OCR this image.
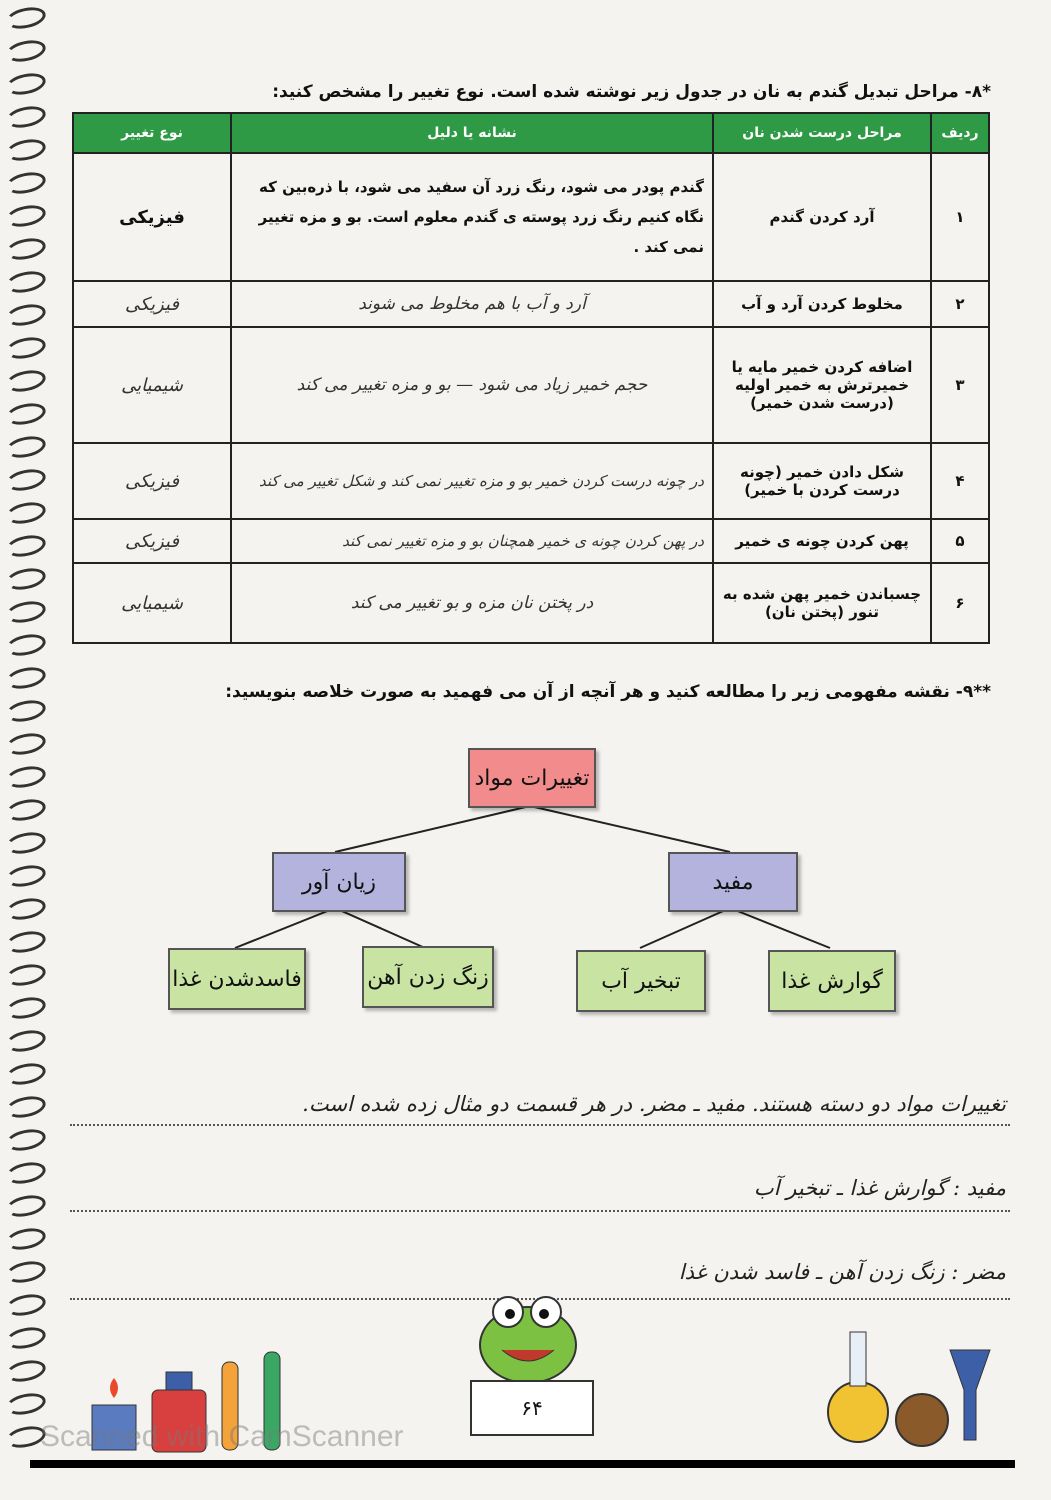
*۸- مراحل تبدیل گندم به نان در جدول زیر نوشته شده است. نوع تغییر را مشخص کنید:
ردیف	مراحل درست شدن نان	نشانه یا دلیل	نوع تغییر
۱	آرد کردن گندم	گندم پودر می شود، رنگ زرد آن سفید می شود، با ذره‌بین که نگاه کنیم رنگ زرد پوسته ی گندم معلوم است. بو و مزه تغییر نمی کند .	فیزیکی
۲	مخلوط کردن آرد و آب	آرد و آب با هم مخلوط می شوند	فیزیکی
۳	اضافه کردن خمیر مایه یا خمیرترش به خمیر اولیه (درست شدن خمیر)	حجم خمیر زیاد می شود — بو و مزه تغییر می کند	شیمیایی
۴	شکل دادن خمیر (چونه درست کردن با خمیر)	در چونه درست کردن خمیر بو و مزه تغییر نمی کند و شکل تغییر می کند	فیزیکی
۵	پهن کردن چونه ی خمیر	در پهن کردن چونه ی خمیر همچنان بو و مزه تغییر نمی کند	فیزیکی
۶	چسباندن خمیر پهن شده به تنور (پختن نان)	در پختن نان مزه و بو تغییر می کند	شیمیایی
**۹- نقشه مفهومی زیر را مطالعه کنید و هر آنچه از آن می فهمید به صورت خلاصه بنویسید:
تغییرات مواد
زیان آور	مفید
فاسدشدن غذا	زنگ زدن آهن	تبخیر آب	گوارش غذا
تغییرات مواد دو دسته هستند. مفید ـ مضر. در هر قسمت دو مثال زده شده است.
مفید : گوارش غذا ـ تبخیر آب
مضر : زنگ زدن آهن ـ فاسد شدن غذا
۶۴
Scanned with CamScanner
